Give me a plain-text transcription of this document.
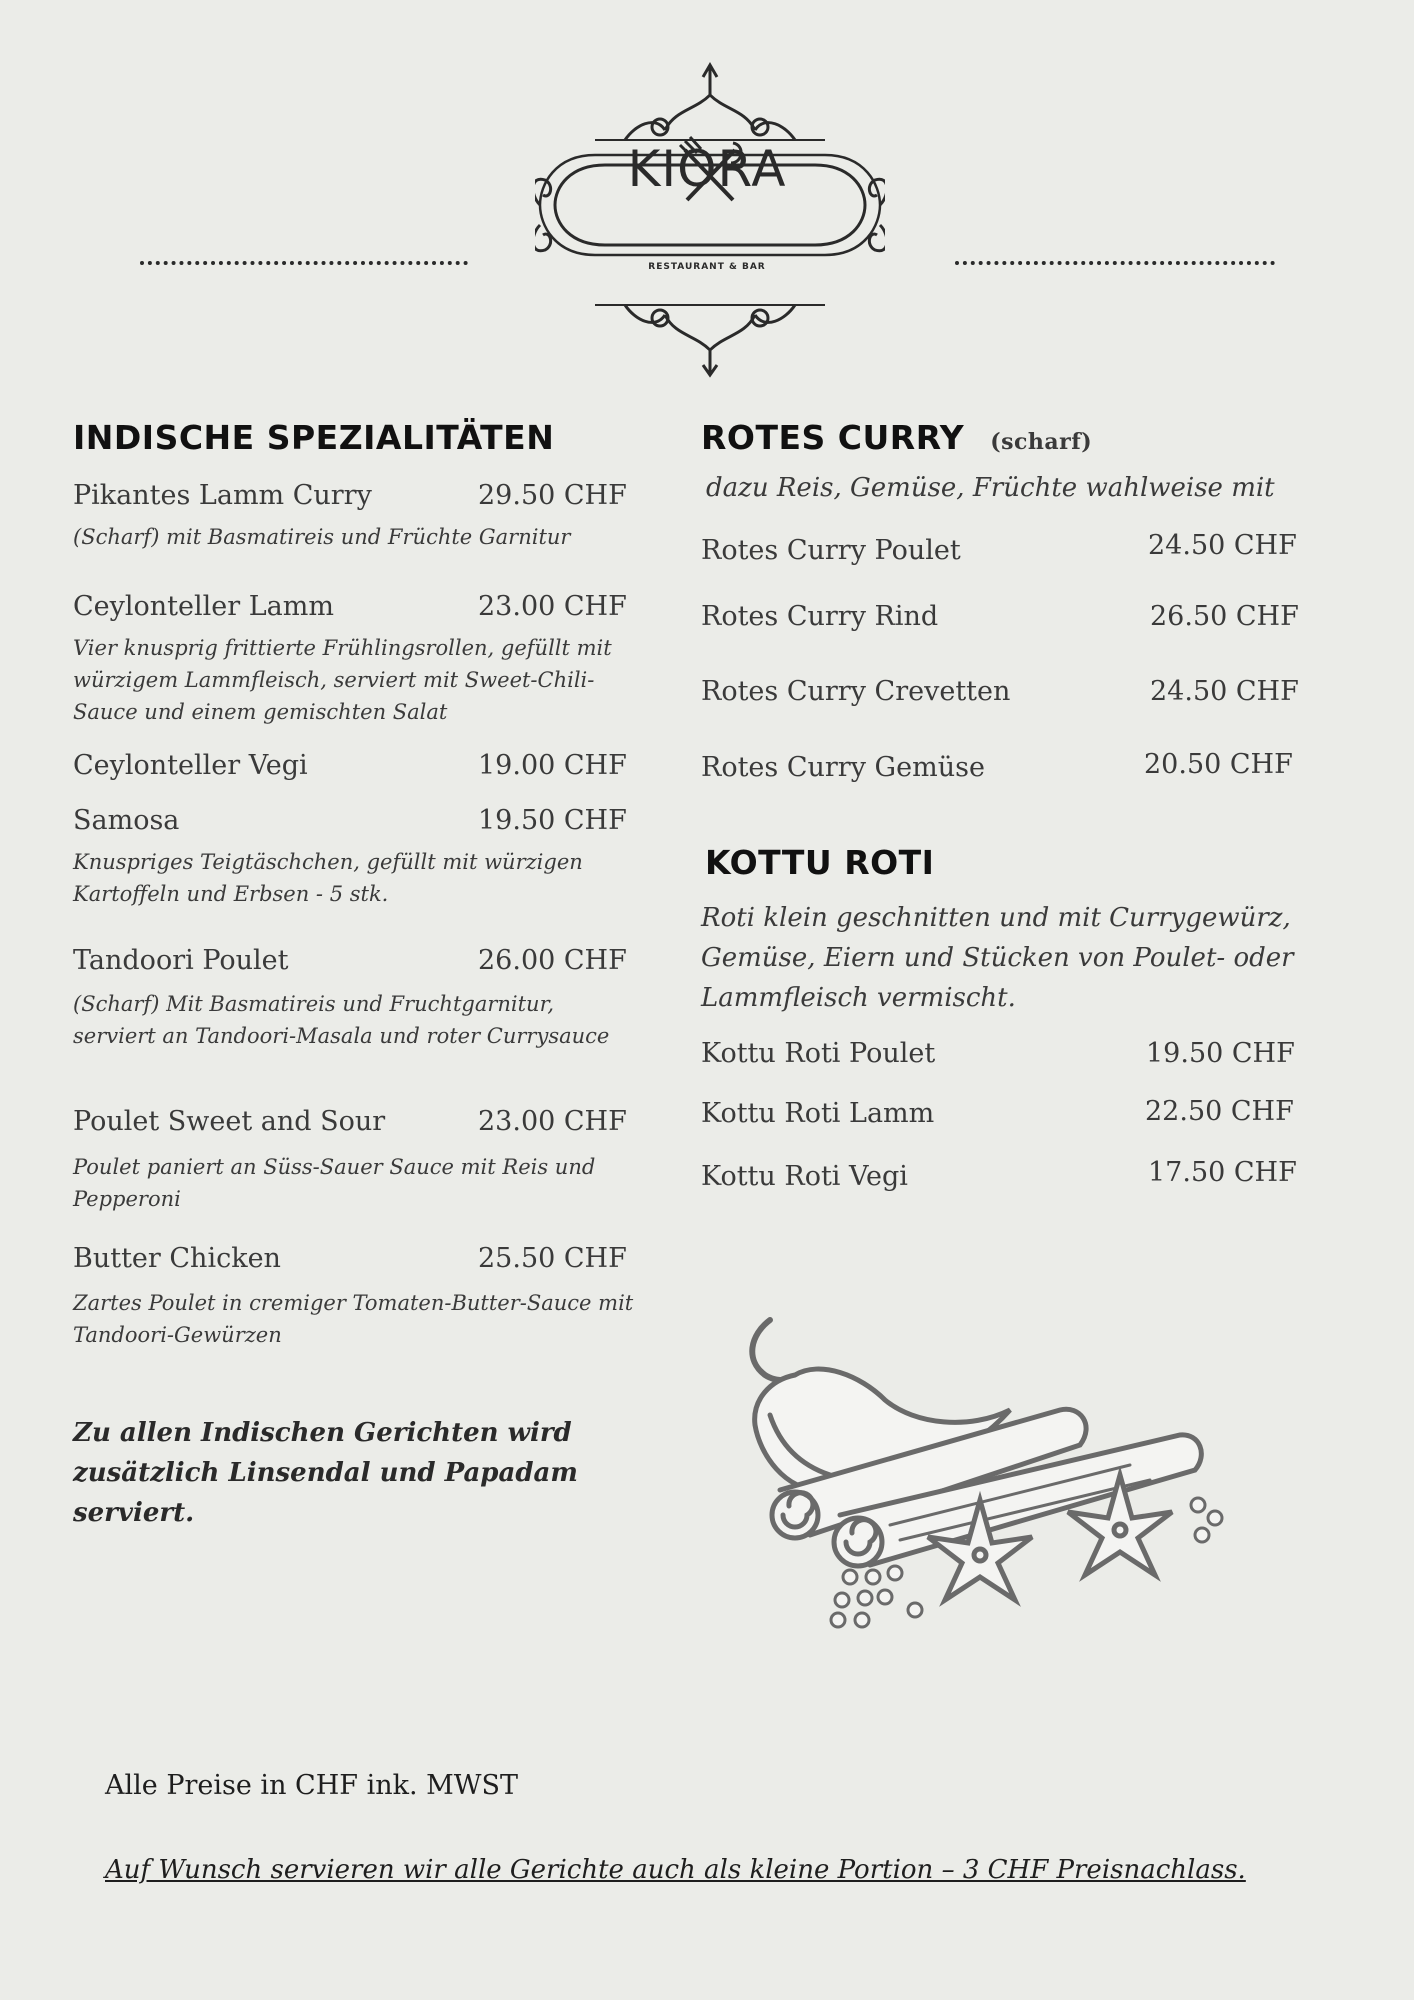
KIORA
RESTAURANT & BAR
INDISCHE SPEZIALITÄTEN
Pikantes Lamm Curry	29.50 CHF
(Scharf) mit Basmatireis und Früchte Garnitur
Ceylonteller Lamm	23.00 CHF
Vier knusprig frittierte Frühlingsrollen, gefüllt mit würzigem Lammfleisch, serviert mit Sweet-Chili-Sauce und einem gemischten Salat
Ceylonteller Vegi	19.00 CHF
Samosa	19.50 CHF
Knuspriges Teigtäschchen, gefüllt mit würzigen Kartoffeln und Erbsen - 5 stk.
Tandoori Poulet	26.00 CHF
(Scharf) Mit Basmatireis und Fruchtgarnitur, serviert an Tandoori-Masala und roter Currysauce
Poulet Sweet and Sour	23.00 CHF
Poulet paniert an Süss-Sauer Sauce mit Reis und Pepperoni
Butter Chicken	25.50 CHF
Zartes Poulet in cremiger Tomaten-Butter-Sauce mit Tandoori-Gewürzen
Zu allen Indischen Gerichten wird zusätzlich Linsendal und Papadam serviert.
ROTES CURRY (scharf)
dazu Reis, Gemüse, Früchte wahlweise mit
Rotes Curry Poulet	24.50 CHF
Rotes Curry Rind	26.50 CHF
Rotes Curry Crevetten	24.50 CHF
Rotes Curry Gemüse	20.50 CHF
KOTTU ROTI
Roti klein geschnitten und mit Currygewürz, Gemüse, Eiern und Stücken von Poulet- oder Lammfleisch vermischt.
Kottu Roti Poulet	19.50 CHF
Kottu Roti Lamm	22.50 CHF
Kottu Roti Vegi	17.50 CHF
Alle Preise in CHF ink. MWST
Auf Wunsch servieren wir alle Gerichte auch als kleine Portion – 3 CHF Preisnachlass.
